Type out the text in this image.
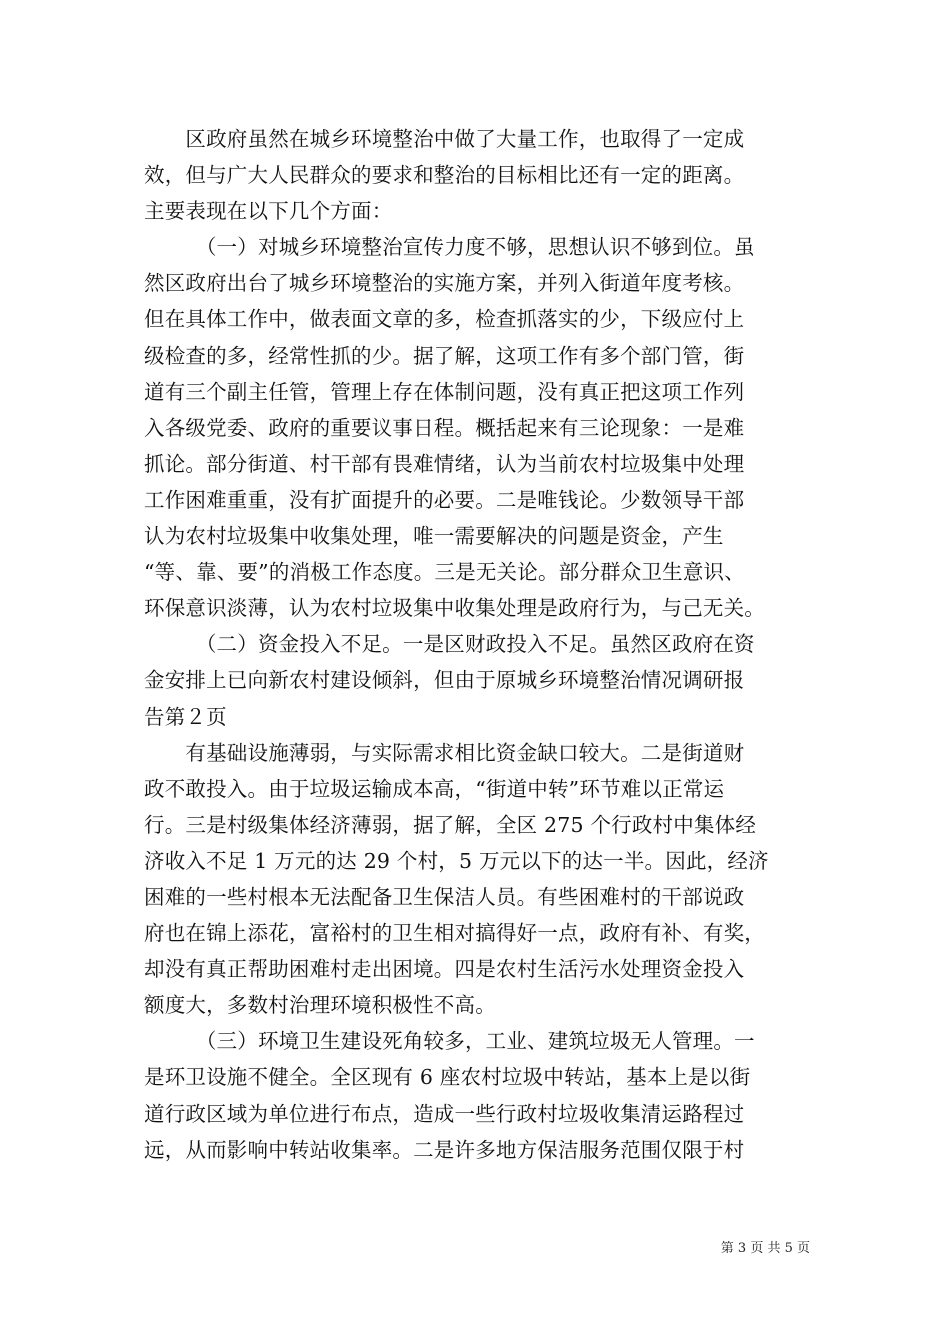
　　区政府虽然在城乡环境整治中做了大量工作，也取得了一定成
效，但与广大人民群众的要求和整治的目标相比还有一定的距离。
主要表现在以下几个方面：
　　　（一）对城乡环境整治宣传力度不够，思想认识不够到位。虽
然区政府出台了城乡环境整治的实施方案，并列入街道年度考核。
但在具体工作中，做表面文章的多，检查抓落实的少，下级应付上
级检查的多，经常性抓的少。据了解，这项工作有多个部门管，街
道有三个副主任管，管理上存在体制问题，没有真正把这项工作列
入各级党委、政府的重要议事日程。概括起来有三论现象：一是难
抓论。部分街道、村干部有畏难情绪，认为当前农村垃圾集中处理
工作困难重重，没有扩面提升的必要。二是唯钱论。少数领导干部
认为农村垃圾集中收集处理，唯一需要解决的问题是资金，产生
“等、靠、要”的消极工作态度。三是无关论。部分群众卫生意识、
环保意识淡薄，认为农村垃圾集中收集处理是政府行为，与己无关。
　　　（二）资金投入不足。一是区财政投入不足。虽然区政府在资
金安排上已向新农村建设倾斜，但由于原城乡环境整治情况调研报
告第２页
　　有基础设施薄弱，与实际需求相比资金缺口较大。二是街道财
政不敢投入。由于垃圾运输成本高，“街道中转”环节难以正常运
行。三是村级集体经济薄弱，据了解，全区 275 个行政村中集体经
济收入不足 1 万元的达 29 个村，5 万元以下的达一半。因此，经济
困难的一些村根本无法配备卫生保洁人员。有些困难村的干部说政
府也在锦上添花，富裕村的卫生相对搞得好一点，政府有补、有奖，
却没有真正帮助困难村走出困境。四是农村生活污水处理资金投入
额度大，多数村治理环境积极性不高。
　　　（三）环境卫生建设死角较多，工业、建筑垃圾无人管理。一
是环卫设施不健全。全区现有 6 座农村垃圾中转站，基本上是以街
道行政区域为单位进行布点，造成一些行政村垃圾收集清运路程过
远，从而影响中转站收集率。二是许多地方保洁服务范围仅限于村
第 3 页 共 5 页
